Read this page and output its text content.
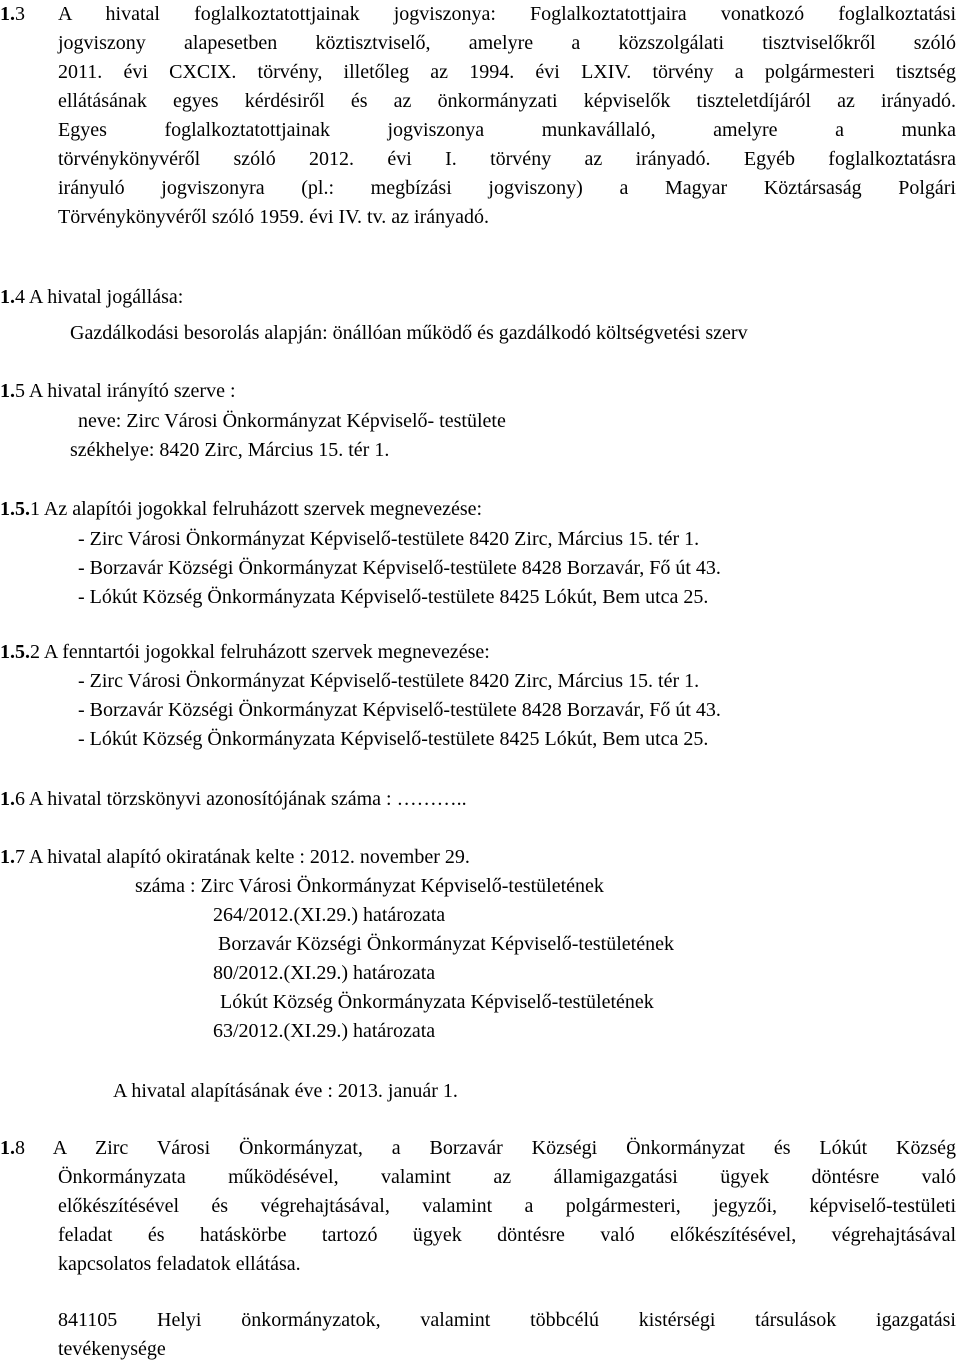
1.3 A hivatal foglalkoztatottjainak jogviszonya: Foglalkoztatottjaira vonatkozó foglalkoztatási
jogviszony alapesetben köztisztviselő, amelyre a közszolgálati tisztviselőkről szóló
2011. évi CXCIX. törvény, illetőleg az 1994. évi LXIV. törvény a polgármesteri tisztség
ellátásának egyes kérdésiről és az önkormányzati képviselők tiszteletdíjáról az irányadó.
Egyes foglalkoztatottjainak jogviszonya munkavállaló, amelyre a munka
törvénykönyvéről szóló 2012. évi I. törvény az irányadó. Egyéb foglalkoztatásra
irányuló jogviszonyra (pl.: megbízási jogviszony) a Magyar Köztársaság Polgári
Törvénykönyvéről szóló 1959. évi IV. tv. az irányadó.
1.4 A hivatal jogállása:
Gazdálkodási besorolás alapján: önállóan működő és gazdálkodó költségvetési szerv
1.5 A hivatal irányító szerve :
neve: Zirc Városi Önkormányzat Képviselő- testülete
székhelye: 8420 Zirc, Március 15. tér 1.
1.5.1 Az alapítói jogokkal felruházott szervek megnevezése:
- Zirc Városi Önkormányzat Képviselő-testülete 8420 Zirc, Március 15. tér 1.
- Borzavár Községi Önkormányzat Képviselő-testülete 8428 Borzavár, Fő út 43.
- Lókút Község Önkormányzata Képviselő-testülete 8425 Lókút, Bem utca 25.
1.5.2 A fenntartói jogokkal felruházott szervek megnevezése:
- Zirc Városi Önkormányzat Képviselő-testülete 8420 Zirc, Március 15. tér 1.
- Borzavár Községi Önkormányzat Képviselő-testülete 8428 Borzavár, Fő út 43.
- Lókút Község Önkormányzata Képviselő-testülete 8425 Lókút, Bem utca 25.
1.6 A hivatal törzskönyvi azonosítójának száma : ………..
1.7 A hivatal alapító okiratának kelte : 2012. november 29.
száma : Zirc Városi Önkormányzat Képviselő-testületének
264/2012.(XI.29.) határozata
Borzavár Községi Önkormányzat Képviselő-testületének
80/2012.(XI.29.) határozata
Lókút Község Önkormányzata Képviselő-testületének
63/2012.(XI.29.) határozata
A hivatal alapításának éve : 2013. január 1.
1.8 A Zirc Városi Önkormányzat, a Borzavár Községi Önkormányzat és Lókút Község
Önkormányzata működésével, valamint az államigazgatási ügyek döntésre való
előkészítésével és végrehajtásával, valamint a polgármesteri, jegyzői, képviselő-testületi
feladat és hatáskörbe tartozó ügyek döntésre való előkészítésével, végrehajtásával
kapcsolatos feladatok ellátása.
841105 Helyi önkormányzatok, valamint többcélú kistérségi társulások igazgatási
tevékenysége
